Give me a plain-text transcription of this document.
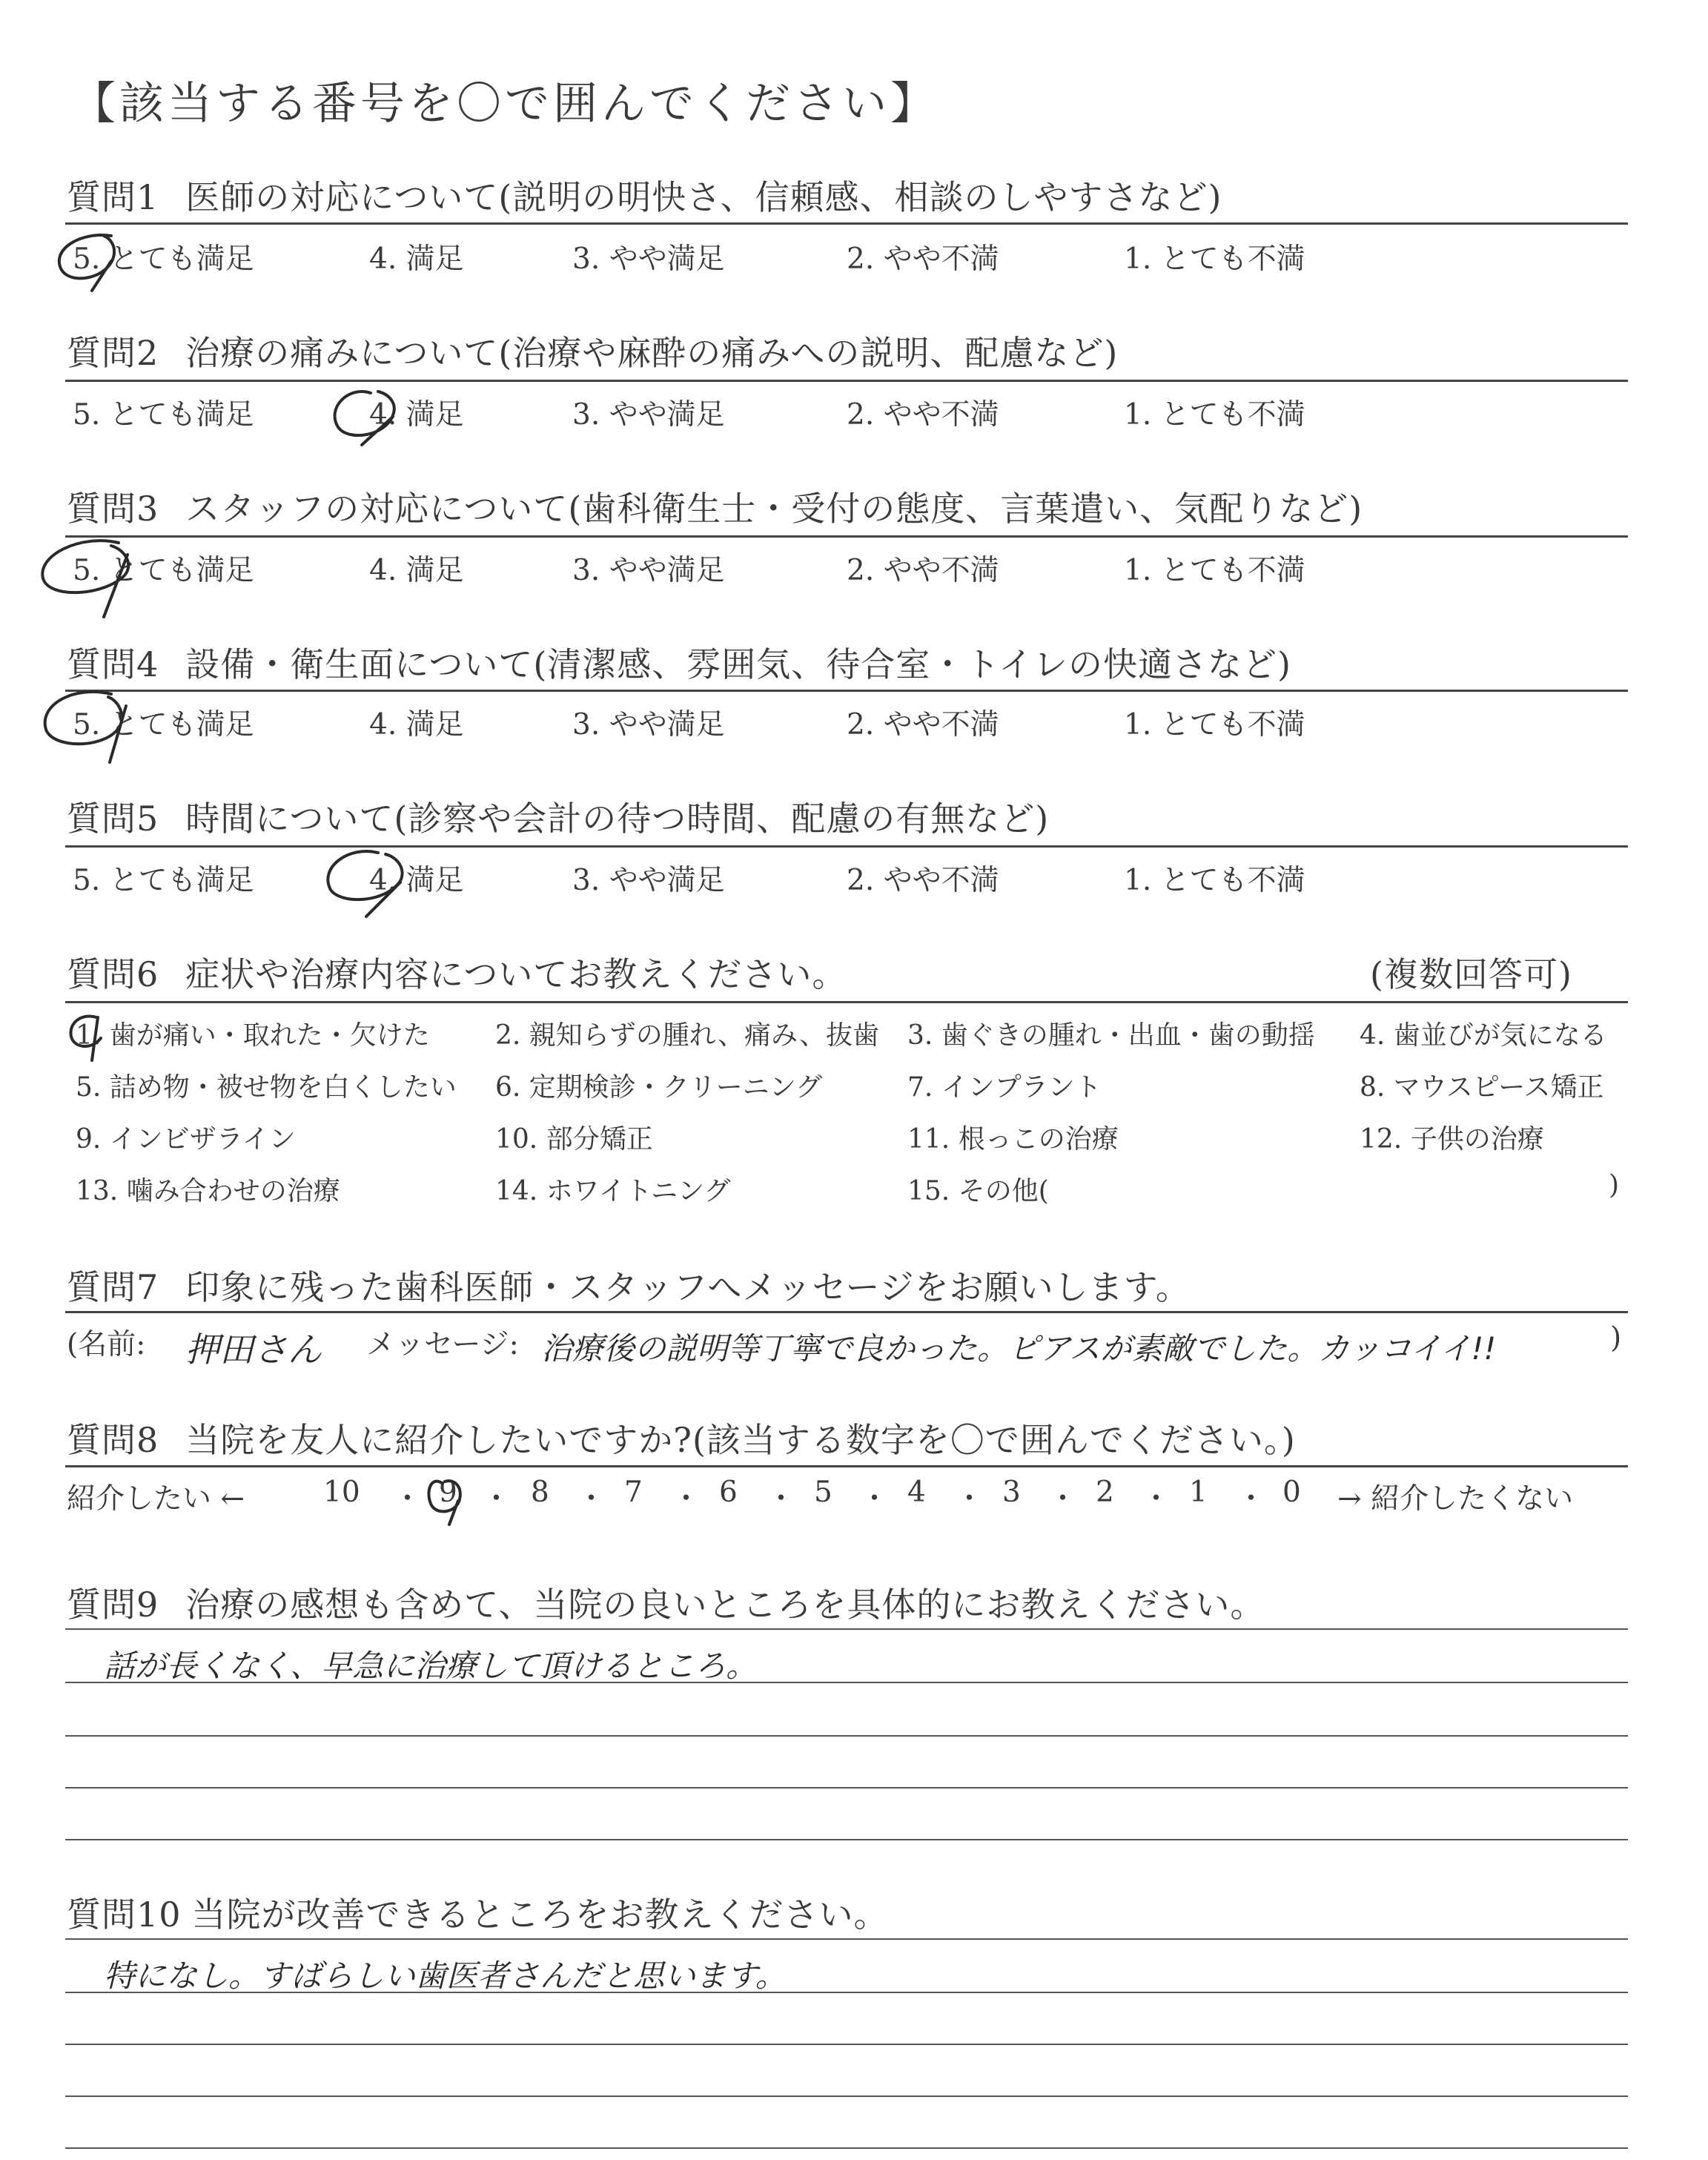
【該当する番号を〇で囲んでください】
質問1 医師の対応について(説明の明快さ、信頼感、相談のしやすさなど)
5. とても満足	4. 満足	3. やや満足	2. やや不満	1. とても不満
質問2 治療の痛みについて(治療や麻酔の痛みへの説明、配慮など)
5. とても満足	4. 満足	3. やや満足	2. やや不満	1. とても不満
質問3 スタッフの対応について(歯科衛生士・受付の態度、言葉遣い、気配りなど)
5. とても満足	4. 満足	3. やや満足	2. やや不満	1. とても不満
質問4 設備・衛生面について(清潔感、雰囲気、待合室・トイレの快適さなど)
5. とても満足	4. 満足	3. やや満足	2. やや不満	1. とても不満
質問5 時間について(診察や会計の待つ時間、配慮の有無など)
5. とても満足	4. 満足	3. やや満足	2. やや不満	1. とても不満
質問6 症状や治療内容についてお教えください。	(複数回答可)
1. 歯が痛い・取れた・欠けた 2. 親知らずの腫れ、痛み、抜歯 3. 歯ぐきの腫れ・出血・歯の動揺 4. 歯並びが気になる
5. 詰め物・被せ物を白くしたい 6. 定期検診・クリーニング	7. インプラント	8. マウスピース矯正
9. インビザライン	10. 部分矯正	11. 根っこの治療	12. 子供の治療
13. 噛み合わせの治療	14. ホワイトニング	15. その他(	)
質問7 印象に残った歯科医師・スタッフへメッセージをお願いします。
(名前: 押田さん メッセージ: 治療後の説明等丁寧で良かった。ピアスが素敵でした。カッコイイ!!	)
質問8 当院を友人に紹介したいですか?(該当する数字を〇で囲んでください。)
紹介したい ←	10 ・ 9 ・ 8 ・ 7 ・ 6 ・ 5 ・ 4 ・ 3 ・ 2 ・ 1 ・ 0 → 紹介したくない
質問9 治療の感想も含めて、当院の良いところを具体的にお教えください。
話が長くなく、早急に治療して頂けるところ。
質問10 当院が改善できるところをお教えください。
特になし。すばらしい歯医者さんだと思います。
